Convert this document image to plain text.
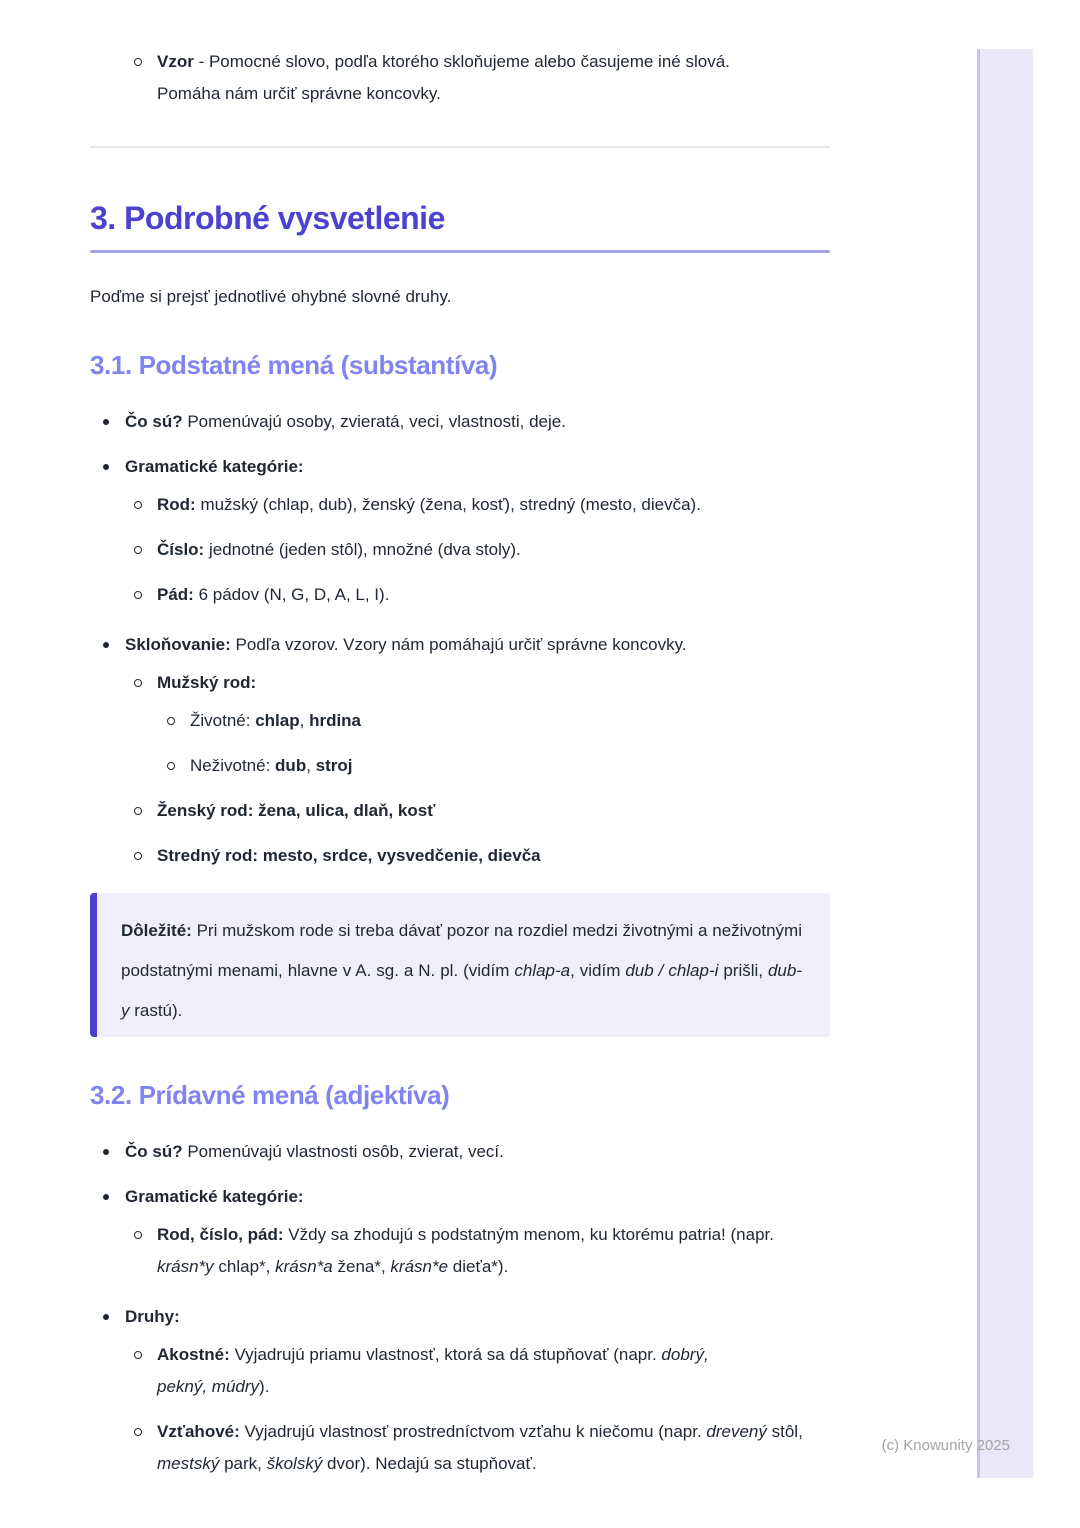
Vzor - Pomocné slovo, podľa ktorého skloňujeme alebo časujeme iné slová. Pomáha nám určiť správne koncovky.
3. Podrobné vysvetlenie

Poďme si prejsť jednotlivé ohybné slovné druhy.

3.1. Podstatné mená (substantíva)
Čo sú? Pomenúvajú osoby, zvieratá, veci, vlastnosti, deje.
Gramatické kategórie:
Rod: mužský (chlap, dub), ženský (žena, kosť), stredný (mesto, dievča).
Číslo: jednotné (jeden stôl), množné (dva stoly).
Pád: 6 pádov (N, G, D, A, L, I).
Skloňovanie: Podľa vzorov. Vzory nám pomáhajú určiť správne koncovky.
Mužský rod:
Životné: chlap, hrdina
Neživotné: dub, stroj
Ženský rod: žena, ulica, dlaň, kosť
Stredný rod: mesto, srdce, vysvedčenie, dievča

Dôležité: Pri mužskom rode si treba dávať pozor na rozdiel medzi životnými a neživotnými podstatnými menami, hlavne v A. sg. a N. pl. (vidím chlap-a, vidím dub / chlap-i prišli, dub-y rastú).

3.2. Prídavné mená (adjektíva)
Čo sú? Pomenúvajú vlastnosti osôb, zvierat, vecí.
Gramatické kategórie:
Rod, číslo, pád: Vždy sa zhodujú s podstatným menom, ku ktorému patria! (napr. krásn*y chlap*, krásn*a žena*, krásn*e dieťa*).
Druhy:
Akostné: Vyjadrujú priamu vlastnosť, ktorá sa dá stupňovať (napr. dobrý, pekný, múdry).
Vzťahové: Vyjadrujú vlastnosť prostredníctvom vzťahu k niečomu (napr. drevený stôl, mestský park, školský dvor). Nedajú sa stupňovať.
(c) Knowunity 2025
